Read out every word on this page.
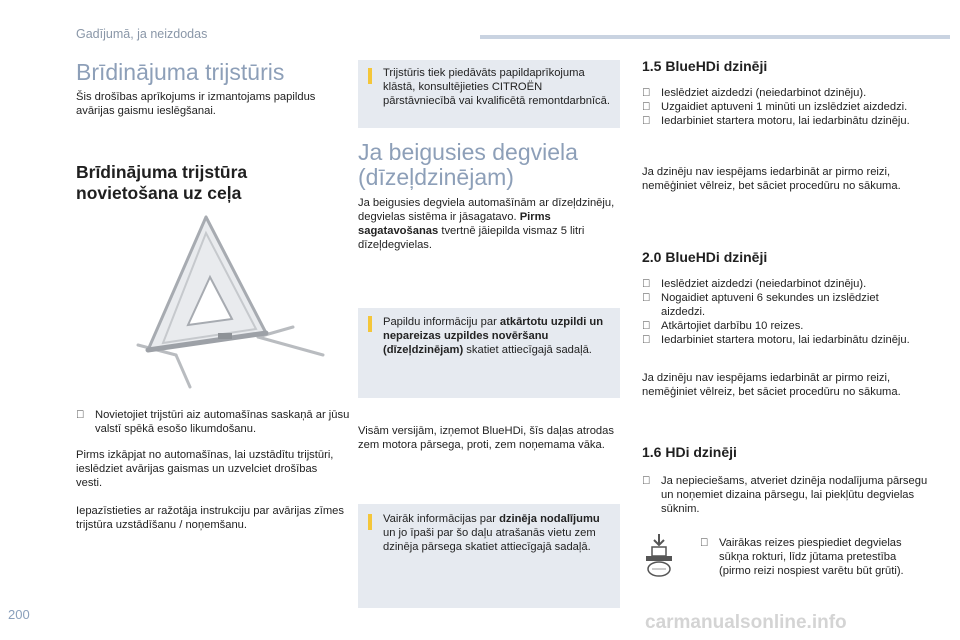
Gadījumā, ja neizdodas
Brīdinājuma trijstūris

Šis drošības aprīkojums ir izmantojams papildus avārijas gaismu ieslēgšanai.

Brīdinājuma trijstūra novietošana uz ceļa

Novietojiet trijstūri aiz automašīnas saskaņā ar jūsu valstī spēkā esošo likumdošanu.

Pirms izkāpjat no automašīnas, lai uzstādītu trijstūri, ieslēdziet avārijas gaismas un uzvelciet drošības vesti.

Iepazīstieties ar ražotāja instrukciju par avārijas zīmes trijstūra uzstādīšanu / noņemšanu.

Trijstūris tiek piedāvāts papildaprīkojuma klāstā, konsultējieties CITROËN pārstāvniecībā vai kvalificētā remontdarbnīcā.
Ja beigusies degviela (dīzeļdzinējam)

Ja beigusies degviela automašīnām ar dīzeļdzinēju, degvielas sistēma ir jāsagatavo. Pirms sagatavošanas tvertnē jāiepilda vismaz 5 litri dīzeļdegvielas.

Papildu informāciju par atkārtotu uzpildi un nepareizas uzpildes novēršanu (dīzeļdzinējam) skatiet attiecīgajā sadaļā.

Visām versijām, izņemot BlueHDi, šīs daļas atrodas zem motora pārsega, proti, zem noņemama vāka.

Vairāk informācijas par dzinēja nodalījumu un jo īpaši par šo daļu atrašanās vietu zem dzinēja pārsega skatiet attiecīgajā sadaļā.
1.5 BlueHDi dzinēji

Ieslēdziet aizdedzi (neiedarbinot dzinēju).

Uzgaidiet aptuveni 1 minūti un izslēdziet aizdedzi.

Iedarbiniet startera motoru, lai iedarbinātu dzinēju.

Ja dzinēju nav iespējams iedarbināt ar pirmo reizi, nemēģiniet vēlreiz, bet sāciet procedūru no sākuma.

2.0 BlueHDi dzinēji

Ieslēdziet aizdedzi (neiedarbinot dzinēju).

Nogaidiet aptuveni 6 sekundes un izslēdziet aizdedzi.

Atkārtojiet darbību 10 reizes.

Iedarbiniet startera motoru, lai iedarbinātu dzinēju.

Ja dzinēju nav iespējams iedarbināt ar pirmo reizi, nemēģiniet vēlreiz, bet sāciet procedūru no sākuma.

1.6 HDi dzinēji

Ja nepieciešams, atveriet dzinēja nodalījuma pārsegu un noņemiet dizaina pārsegu, lai piekļūtu degvielas sūknim.

Vairākas reizes piespiediet degvielas sūkņa rokturi, līdz jūtama pretestība (pirmo reizi nospiest varētu būt grūti).

200	carmanualsonline.info
